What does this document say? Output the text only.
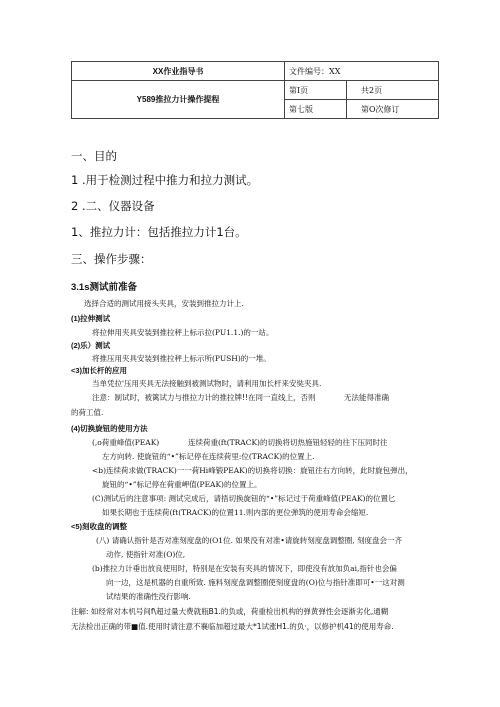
XX作业指导书	文件编号：XX	
Y589推拉力计操作提程	第Ⅰ页	共2页
	第七版	第O次修订
一、目的
1 .用于检测过程中推力和拉力测试。
2 .二、仪器设备
1、推拉力计：包括推拉力计1台。
三、操作步骤：
3.1s测试前准备
选择合适的测试用接头夹具，安装到推拉力计上.
(1)拉伸测试
将拉伸用夹具安装到推拉秤上标示拉(PU1.1.)的一站。
(2)乐）测试
将推压用夹具安装到推拉秤上标示所(PUSH)的一堆。
<3)加长杆的应用
当单凭拉'压用夹具无法接触到被测试物时，请利用加长杆来安奘夹具.
注意：制试时，被篱试力与推拉力计的推拉牌!!在同一直线上，否则	无法能得准确
的荷工值.
(4)切换旋钮的使用方法
(,o荷重峰值(PEAK)	连续荷重(ft(TRACK)的切换将切热施钮轻轻的往下压同时往
左方向转. 使旋钮的“•”标记停在连续荷里:位(TRACK)的位置上.
<b)连续荷求做(TRACK)一一荷Hi峰锻PEAK)的切换将切换：旋钮往右方向转，此时旋包弹出，
旋钮的“•”标记停在荷重岬值(PEAK)的位置上。
(C)测试后的注意事项: 测试完成后，请捂切换旋钮的“•”标记过于荷重峰值(PEAK)的位置匕
如果长期也于连续荷(ft(TRACK)的位置11.则内部的更位弹筑的使用寿命会缩短.
<5)刻收盘的调整
(八) 请确认指针是否对准刻度盘的(O1位. 如果没有对准•请旋转刻度盘调整圈, 刻度盘会一齐
动作, 使指针对准(O)位,
(b)推拉力计垂出放良使用时，特别是在安装有夹具的情况下，即使没有放加负ai,指针也会偏
向一边，这是机器的自重所致. 施料刻度盘调整圈使刻度盘的(O)位与指针准即可•一这对测
试结果的准确性没行影响.
注解: 如经常对本机号间f\超过量大费就瓶B1.的负或，荷重检出机构的弹黄弹性会逐渐劣化,通糊
无法检出正确的带■值.使用时请注意不襄临加超过最大*1试涨H1.的负·，以修护机41的使用寿命.
